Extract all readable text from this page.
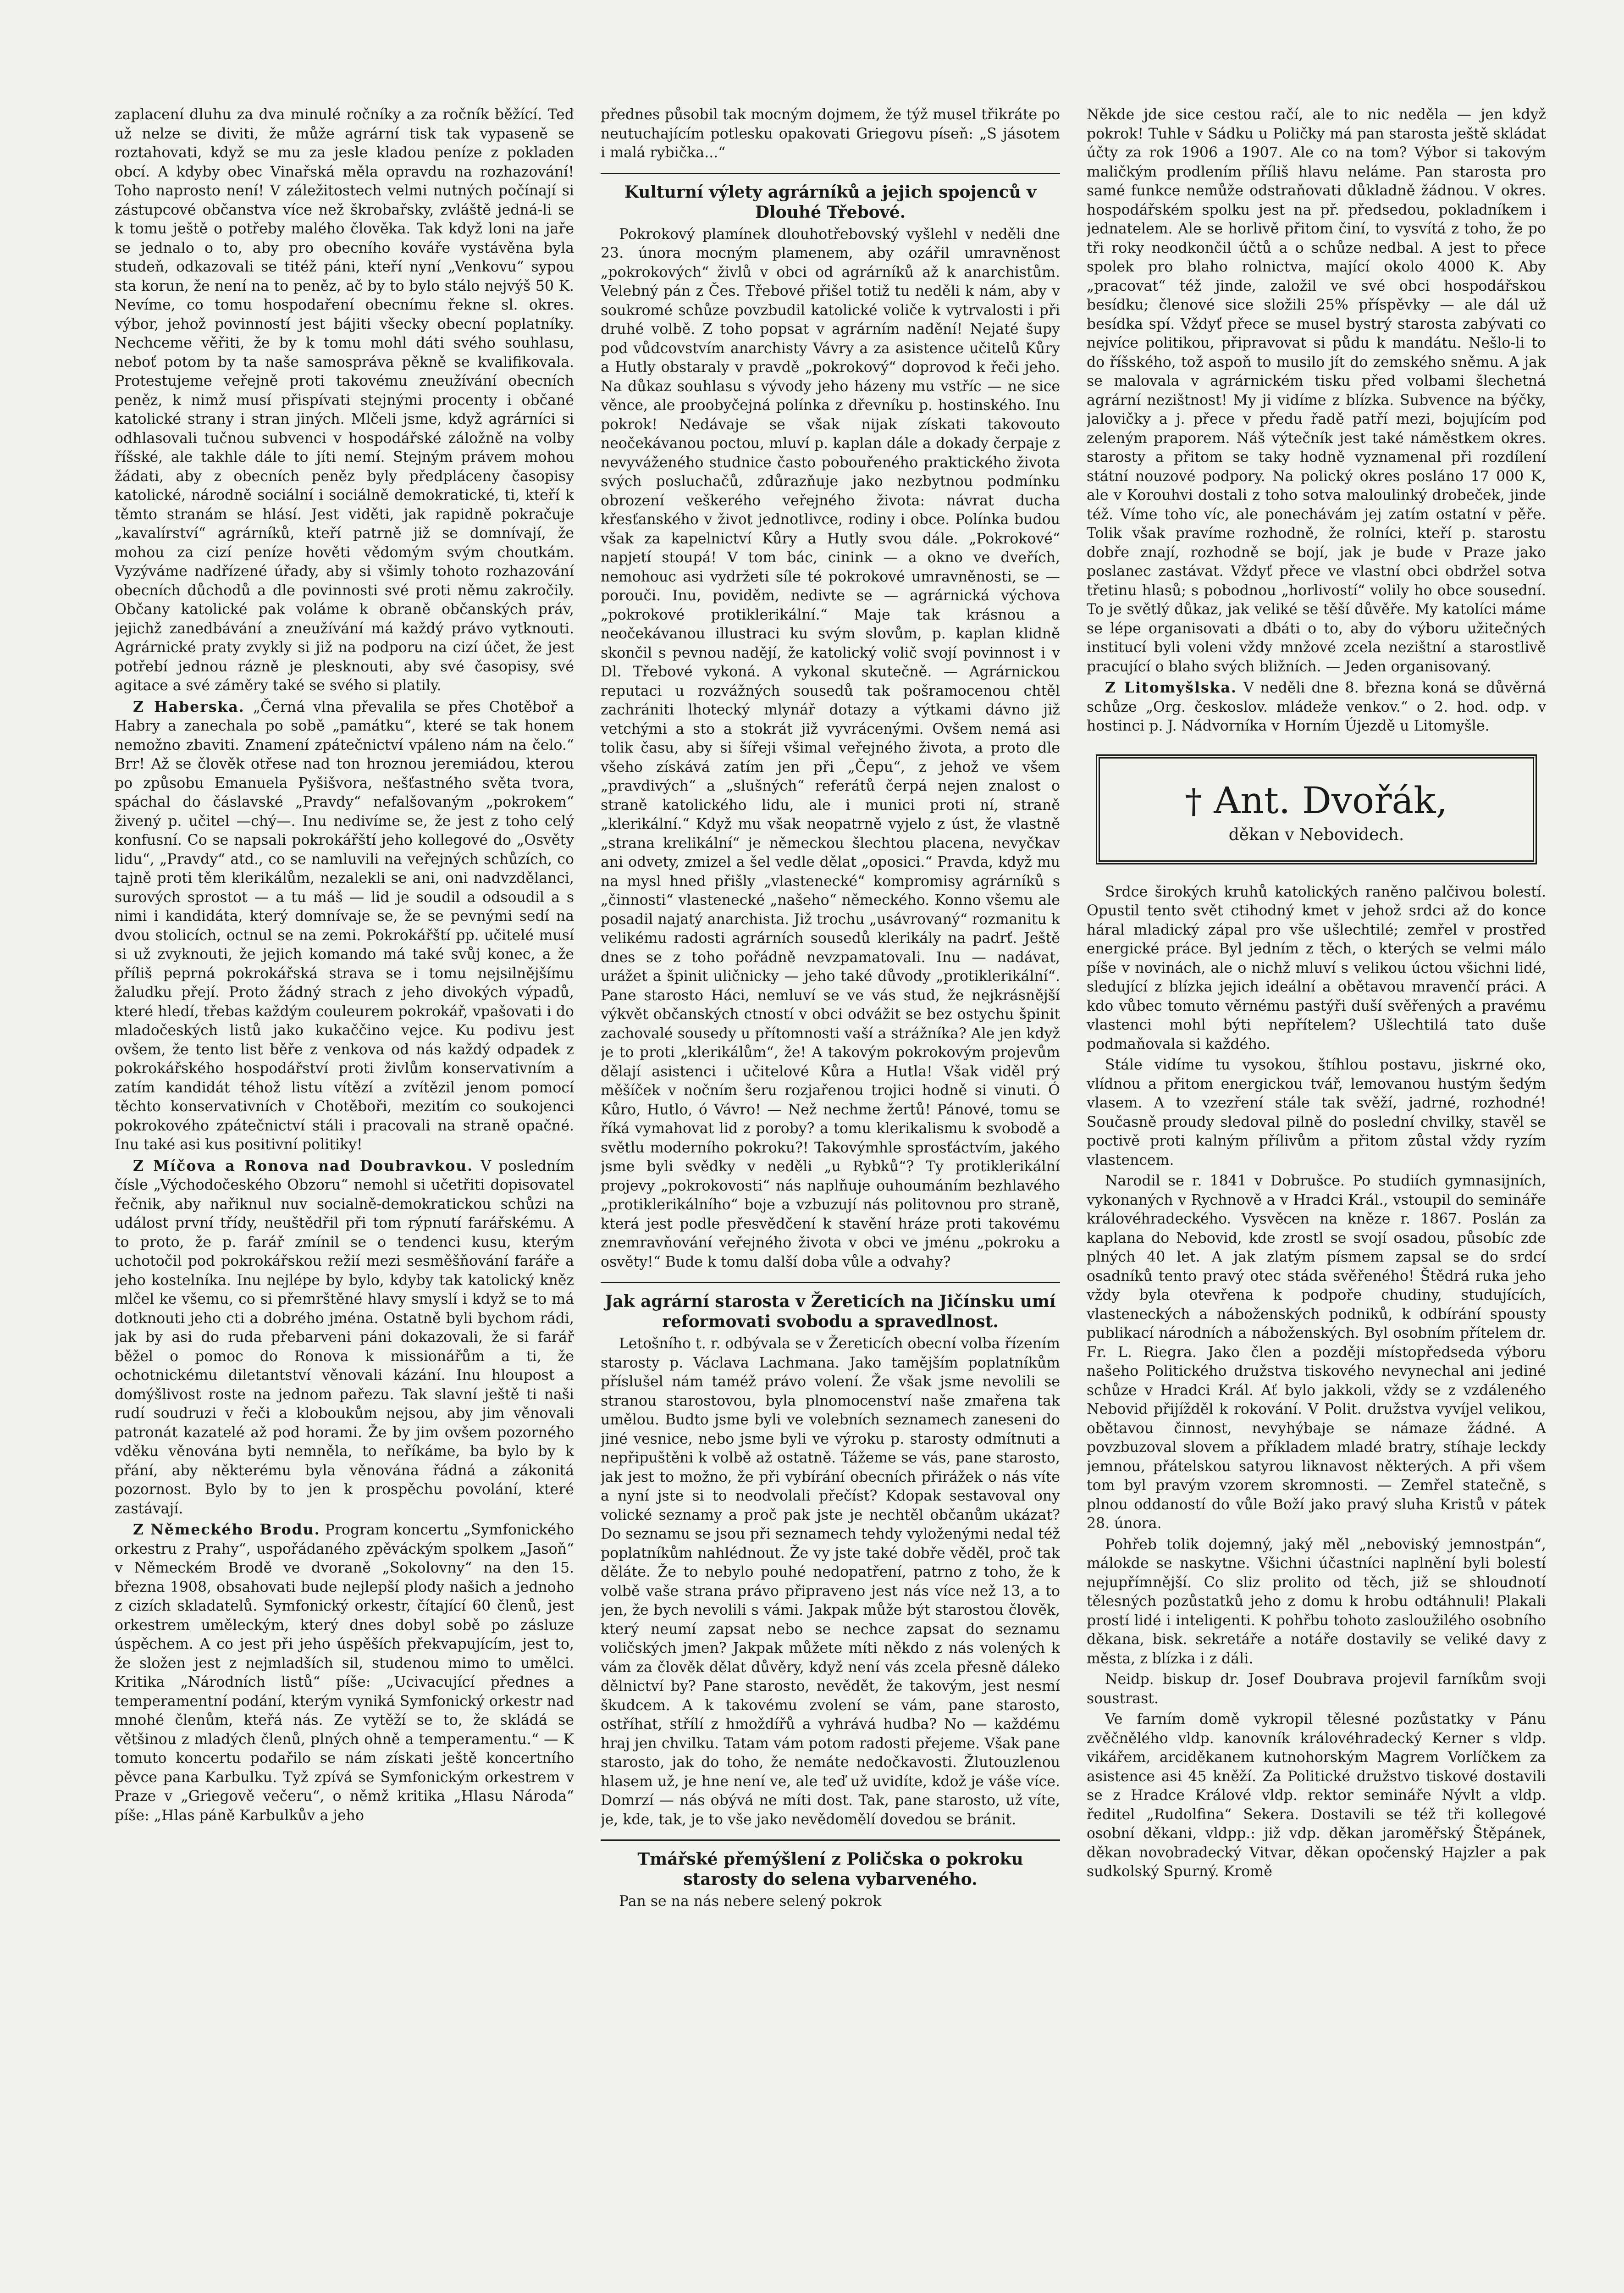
zaplacení dluhu za dva minulé ročníky a za ročník běžící. Teď už nelze se diviti, že může agrární tisk tak vypaseně se roztahovati, když se mu za jesle kladou peníze z pokladen obcí. A kdyby obec Vinařská měla opravdu na rozhazování! Toho naprosto není! V záležitostech velmi nutných počínají si zástupcové občanstva více než škrobařsky, zvláště jedná-li se k tomu ještě o potřeby malého člověka. Tak když loni na jaře se jednalo o to, aby pro obecního kováře vystávěna byla studeň, odkazovali se titéž páni, kteří nyní „Venkovu“ sypou sta korun, že není na to peněz, ač by to bylo stálo nejvýš 50 K. Nevíme, co tomu hospodaření obecnímu řekne sl. okres. výbor, jehož povinností jest bájiti všecky obecní poplatníky. Nechceme věřiti, že by k tomu mohl dáti svého souhlasu, neboť potom by ta naše samospráva pěkně se kvalifikovala. Protestujeme veřejně proti takovému zneužívání obecních peněz, k nimž musí přispívati stejnými procenty i občané katolické strany i stran jiných. Mlčeli jsme, když agrárníci si odhlasovali tučnou subvenci v hospodářské záložně na volby říšské, ale takhle dále to jíti nemí. Stejným právem mohou žádati, aby z obecních peněz byly předpláceny časopisy katolické, národně sociální i sociálně demokratické, ti, kteří k těmto stranám se hlásí. Jest viděti, jak rapidně pokračuje „kavalírství“ agrárníků, kteří patrně již se domnívají, že mohou za cizí peníze hověti vědomým svým choutkám. Vyzýváme nadřízené úřady, aby si všimly tohoto rozhazování obecních důchodů a dle povinnosti své proti němu zakročily. Občany katolické pak voláme k obraně občanských práv, jejichž zanedbávání a zneužívání má každý právo vytknouti. Agrárnické praty zvykly si již na podporu na cizí účet, že jest potřebí jednou rázně je plesknouti, aby své časopisy, své agitace a své záměry také se svého si platily.

Z Haberska. „Černá vlna převalila se přes Chotěboř a Habry a zanechala po sobě „památku“, které se tak honem nemožno zbaviti. Znamení zpátečnictví vpáleno nám na čelo.“ Brr! Až se člověk otřese nad ton hroznou jeremiádou, kterou po způsobu Emanuela Pyšišvora, nešťastného světa tvora, spáchal do čáslavské „Pravdy“ nefalšovaným „pokrokem“ živený p. učitel —chý—. Inu nedivíme se, že jest z toho celý konfusní. Co se napsali pokrokářští jeho kollegové do „Osvěty lidu“, „Pravdy“ atd., co se namluvili na veřejných schůzích, co tajně proti těm klerikálům, nezalekli se ani, oni nadvzdělanci, surových sprostot — a tu máš — lid je soudil a odsoudil a s nimi i kandidáta, který domnívaje se, že se pevnými sedí na dvou stolicích, octnul se na zemi. Pokrokářští pp. učitelé musí si už zvyknouti, že jejich komando má také svůj konec, a že příliš peprná pokrokářská strava se i tomu nejsilnějšímu žaludku přejí. Proto žádný strach z jeho divokých výpadů, které hledí, třebas každým couleurem pokrokář, vpašovati i do mladočeských listů jako kukaččino vejce. Ku podivu jest ovšem, že tento list běře z venkova od nás každý odpadek z pokrokářského hospodářství proti živlům konservativním a zatím kandidát téhož listu vítězí a zvítězil jenom pomocí těchto konservativních v Chotěboři, mezitím co soukojenci pokrokového zpátečnictví stáli i pracovali na straně opačné. Inu také asi kus positivní politiky!

Z Míčova a Ronova nad Doubravkou. V posledním čísle „Východočeského Obzoru“ nemohl si učetřiti dopisovatel řečnik, aby nařiknul nuv socialně-demokratickou schůzi na událost první třídy, neuštědřil při tom rýpnutí farářskému. A to proto, že p. farář zmínil se o tendenci kusu, kterým uchotočil pod pokrokářskou režií mezi sesměšňování faráře a jeho kostelníka. Inu nejlépe by bylo, kdyby tak katolický kněz mlčel ke všemu, co si přemrštěné hlavy smyslí i když se to má dotknouti jeho cti a dobrého jména. Ostatně byli bychom rádi, jak by asi do ruda přebarveni páni dokazovali, že si farář běžel o pomoc do Ronova k missionářům a ti, že ochotnickému diletantství věnovali kázání. Inu hloupost a domýšlivost roste na jednom pařezu. Tak slavní ještě ti naši rudí soudruzi v řeči a kloboukům nejsou, aby jim věnovali patronát kazatelé až pod horami. Že by jim ovšem pozorného vděku věnována byti nemněla, to neříkáme, ba bylo by k přání, aby některému byla věnována řádná a zákonitá pozornost. Bylo by to jen k prospěchu povolání, které zastávají.

Z Německého Brodu. Program koncertu „Symfonického orkestru z Prahy“, uspořádaného zpěváckým spolkem „Jasoň“ v Německém Brodě ve dvoraně „Sokolovny“ na den 15. března 1908, obsahovati bude nejlepší plody našich a jednoho z cizích skladatelů. Symfonický orkestr, čítající 60 členů, jest orkestrem uměleckým, který dnes dobyl sobě po zásluze úspěchem. A co jest při jeho úspěších překvapujícím, jest to, že složen jest z nejmladších sil, studenou mimo to umělci. Kritika „Národních listů“ píše: „Ucivacující přednes a temperamentní podání, kterým vyniká Symfonický orkestr nad mnohé členům, kteřá nás. Ze vytěží se to, že skládá se většinou z mladých členů, plných ohně a temperamentu.“ — K tomuto koncertu podařilo se nám získati ještě koncertního pěvce pana Karbulku. Tyž zpívá se Symfonickým orkestrem v Praze v „Griegově večeru“, o němž kritika „Hlasu Národa“ píše: „Hlas páně Karbulkův a jeho

přednes působil tak mocným dojmem, že týž musel třikráte po neutuchajícím potlesku opakovati Griegovu píseň: „S jásotem i malá rybička...“

Kulturní výlety agrárníků a jejich spojenců v Dlouhé Třebové.

Pokrokový plamínek dlouhotřebovský vyšlehl v neděli dne 23. února mocným plamenem, aby ozářil umravněnost „pokrokových“ živlů v obci od agrárníků až k anarchistům. Velebný pán z Čes. Třebové přišel totiž tu neděli k nám, aby v soukromé schůze povzbudil katolické voliče k vytrvalosti i při druhé volbě. Z toho popsat v agrárním nadění! Nejaté šupy pod vůdcovstvím anarchisty Vávry a za asistence učitelů Kůry a Hutly obstaraly v pravdě „pokrokový“ doprovod k řeči jeho. Na důkaz souhlasu s vývody jeho házeny mu vstříc — ne sice věnce, ale proobyčejná polínka z dřevníku p. hostinského. Inu pokrok! Nedávaje se však nijak získati takovouto neočekávanou poctou, mluví p. kaplan dále a dokady čerpaje z nevyváženého studnice často pobouřeného praktického života svých posluchačů, zdůrazňuje jako nezbytnou podmínku obrození veškerého veřejného života: návrat ducha křesťanského v život jednotlivce, rodiny i obce. Polínka budou však za kapelnictví Kůry a Hutly svou dále. „Pokrokové“ napjetí stoupá! V tom bác, cinink — a okno ve dveřích, nemohouc asi vydržeti síle té pokrokové umravněnosti, se — porouči. Inu, poviděm, nedivte se — agrárnická výchova „pokrokové protiklerikální.“ Maje tak krásnou a neočekávanou illustraci ku svým slovům, p. kaplan klidně skončil s pevnou nadějí, že katolický volič svojí povinnost i v Dl. Třebové vykoná. A vykonal skutečně. — Agrárnickou reputaci u rozvážných sousedů tak pošramocenou chtěl zachrániti lhotecký mlynář dotazy a výtkami dávno již vetchými a sto a stokrát již vyvrácenými. Ovšem nemá asi tolik času, aby si šířeji všimal veřejného života, a proto dle všeho získává zatím jen při „Čepu“, z jehož ve všem „pravdivých“ a „slušných“ referátů čerpá nejen znalost o straně katolického lidu, ale i munici proti ní, straně „klerikální.“ Když mu však neopatrně vyjelo z úst, že vlastně „strana krelikální“ je německou šlechtou placena, nevyčkav ani odvety, zmizel a šel vedle dělat „oposici.“ Pravda, když mu na mysl hned přišly „vlastenecké“ kompromisy agrárníků s „činnosti“ vlastenecké „našeho“ německého. Konno všemu ale posadil najatý anarchista. Již trochu „usávrovaný“ rozmanitu k velikému radosti agrárních sousedů klerikály na padrť. Ještě dnes se z toho pořádně nevzpamatovali. Inu — nadávat, urážet a špinit uličnicky — jeho také důvody „protiklerikální“. Pane starosto Háci, nemluví se ve vás stud, že nejkrásnější výkvět občanských ctností v obci odvážit se bez ostychu špinit zachovalé sousedy u přítomnosti vaší a strážníka? Ale jen když je to proti „klerikálům“, že! A takovým pokrokovým projevům dělají asistenci i učitelové Kůra a Hutla! Však viděl prý měšíček v nočním šeru rozjařenou trojici hodně si vinuti. Ó Kůro, Hutlo, ó Vávro! — Než nechme žertů! Pánové, tomu se říká vymahovat lid z poroby? a tomu klerikalismu k svobodě a světlu moderního pokroku?! Takovýmhle sprosťáctvím, jakého jsme byli svědky v neděli „u Rybků“? Ty protiklerikální projevy „pokrokovosti“ nás naplňuje ouhoumáním bezhlavého „protiklerikálního“ boje a vzbuzují nás politovnou pro straně, která jest podle přesvědčení k stavění hráze proti takovému znemravňování veřejného života v obci ve jménu „pokroku a osvěty!“ Bude k tomu další doba vůle a odvahy?

Jak agrární starosta v Žereticích na Jičínsku umí reformovati svobodu a spravedlnost.

Letošního t. r. odbývala se v Žereticích obecní volba řízením starosty p. Václava Lachmana. Jako tamějším poplatníkům příslušel nám taméž právo volení. Že však jsme nevolili se stranou starostovou, byla plnomocenství naše zmařena tak umělou. Budto jsme byli ve volebních seznamech zaneseni do jiné vesnice, nebo jsme byli ve výroku p. starosty odmítnuti a nepřipuštěni k volbě až ostatně. Tážeme se vás, pane starosto, jak jest to možno, že při vybírání obecních přirážek o nás víte a nyní jste si to neodvolali přečíst? Kdopak sestavoval ony volické seznamy a proč pak jste je nechtěl občanům ukázat? Do seznamu se jsou při seznamech tehdy vyloženými nedal též poplatníkům nahlédnout. Že vy jste také dobře věděl, proč tak děláte. Že to nebylo pouhé nedopatření, patrno z toho, že k volbě vaše strana právo připraveno jest nás více než 13, a to jen, že bych nevolili s vámi. Jakpak může být starostou člověk, který neumí zapsat nebo se nechce zapsat do seznamu voličských jmen? Jakpak můžete míti někdo z nás volených k vám za člověk dělat důvěry, když není vás zcela přesně dáleko dělnictví by? Pane starosto, nevědět, že takovým, jest nesmí škudcem. A k takovému zvolení se vám, pane starosto, ostříhat, střílí z hmoždířů a vyhrává hudba? No — každému hraj jen chvilku. Tatam vám potom radosti přejeme. Však pane starosto, jak do toho, že nemáte nedočkavosti. Žlutouzlenou hlasem už, je hne není ve, ale teď už uvidíte, kdož je váše více. Domrzí — nás obývá ne míti dost. Tak, pane starosto, už víte, je, kde, tak, je to vše jako nevědomělí dovedou se bránit.

Tmářské přemýšlení z Poličska o pokroku starosty do selena vybarveného.

Pan se na nás nebere selený pokrok

Někde jde sice cestou račí, ale to nic neděla — jen když pokrok! Tuhle v Sádku u Poličky má pan starosta ještě skládat účty za rok 1906 a 1907. Ale co na tom? Výbor si takovým maličkým prodlením příliš hlavu neláme. Pan starosta pro samé funkce nemůže odstraňovati důkladně žádnou. V okres. hospodářském spolku jest na př. předsedou, pokladníkem i jednatelem. Ale se horlivě přitom činí, to vysvítá z toho, že po tři roky neodkončil účtů a o schůze nedbal. A jest to přece spolek pro blaho rolnictva, mající okolo 4000 K. Aby „pracovat“ též jinde, založil ve své obci hospodářskou besídku; členové sice složili 25% příspěvky — ale dál už besídka spí. Vždyť přece se musel bystrý starosta zabývati co nejvíce politikou, připravovat si půdu k mandátu. Nešlo-li to do říšského, tož aspoň to musilo jít do zemského sněmu. A jak se malovala v agrárnickém tisku před volbami šlechetná agrární nezištnost! My ji vidíme z blízka. Subvence na býčky, jalovičky a j. přece v předu řadě patří mezi, bojujícím pod zeleným praporem. Náš výtečník jest také náměstkem okres. starosty a přitom se taky hodně vyznamenal při rozdílení státní nouzové podpory. Na polický okres posláno 17 000 K, ale v Korouhvi dostali z toho sotva maloulinký drobeček, jinde též. Víme toho víc, ale ponechávám jej zatím ostatní v pěře. Tolik však pravíme rozhodně, že rolníci, kteří p. starostu dobře znají, rozhodně se bojí, jak je bude v Praze jako poslanec zastávat. Vždyť přece ve vlastní obci obdržel sotva třetinu hlasů; s pobodnou „horlivostí“ volily ho obce sousední. To je světlý důkaz, jak veliké se těší důvěře. My katolíci máme se lépe organisovati a dbáti o to, aby do výboru užitečných institucí byli voleni vždy mnžové zcela nezištní a starostlivě pracující o blaho svých bližních. — Jeden organisovaný.

Z Litomyšlska. V neděli dne 8. března koná se důvěrná schůze „Org. českoslov. mládeže venkov.“ o 2. hod. odp. v hostinci p. J. Nádvorníka v Horním Újezdě u Litomyšle.

† Ant. Dvořák,
děkan v Nebovidech.

Srdce širokých kruhů katolických raněno palčivou bolestí. Opustil tento svět ctihodný kmet v jehož srdci až do konce háral mladický zápal pro vše ušlechtilé; zemřel v prostřed energické práce. Byl jedním z těch, o kterých se velmi málo píše v novinách, ale o nichž mluví s velikou úctou všichni lidé, sledující z blízka jejich ideální a obětavou mravenčí práci. A kdo vůbec tomuto věrnému pastýři duší svěřených a pravému vlastenci mohl býti nepřítelem? Ušlechtilá tato duše podmaňovala si každého.

Stále vidíme tu vysokou, štíhlou postavu, jiskrné oko, vlídnou a přitom energickou tvář, lemovanou hustým šedým vlasem. A to vzezření stále tak svěží, jadrné, rozhodné! Současně proudy sledoval pilně do poslední chvilky, stavěl se poctivě proti kalným přílivům a přitom zůstal vždy ryzím vlastencem.

Narodil se r. 1841 v Dobrušce. Po studiích gymnasijních, vykonaných v Rychnově a v Hradci Král., vstoupil do semináře královéhradeckého. Vysvěcen na kněze r. 1867. Poslán za kaplana do Nebovid, kde zrostl se svojí osadou, působíc zde plných 40 let. A jak zlatým písmem zapsal se do srdcí osadníků tento pravý otec stáda svěřeného! Štědrá ruka jeho vždy byla otevřena k podpoře chudiny, studujících, vlasteneckých a náboženských podniků, k odbírání spousty publikací národních a náboženských. Byl osobním přítelem dr. Fr. L. Riegra. Jako člen a později místopředseda výboru našeho Politického družstva tiskového nevynechal ani jediné schůze v Hradci Král. Ať bylo jakkoli, vždy se z vzdáleného Nebovid přijížděl k rokování. V Polit. družstva vyvíjel velikou, obětavou činnost, nevyhýbaje se námaze žádné. A povzbuzoval slovem a příkladem mladé bratry, stíhaje leckdy jemnou, přátelskou satyrou liknavost některých. A při všem tom byl pravým vzorem skromnosti. — Zemřel statečně, s plnou oddaností do vůle Boží jako pravý sluha Kristů v pátek 28. února.

Pohřeb tolik dojemný, jaký měl „neboviský jemnostpán“, málokde se naskytne. Všichni účastníci naplnění byli bolestí nejupřímnější. Co sliz prolito od těch, již se shloudnotí tělesných pozůstatků jeho z domu k hrobu odtáhnuli! Plakali prostí lidé i inteligenti. K pohřbu tohoto zasloužilého osobního děkana, bisk. sekretáře a notáře dostavily se veliké davy z města, z blízka i z dáli.

Neidp. biskup dr. Josef Doubrava projevil farníkům svoji soustrast.

Ve farním domě vykropil tělesné pozůstatky v Pánu zvěčnělého vldp. kanovník královéhradecký Kerner s vldp. vikářem, arciděkanem kutnohorským Magrem Vorlíčkem za asistence asi 45 kněží. Za Politické družstvo tiskové dostavili se z Hradce Králové vldp. rektor semináře Nývlt a vldp. ředitel „Rudolfina“ Sekera. Dostavili se též tři kollegové osobní děkani, vldpp.: již vdp. děkan jaroměřský Štěpánek, děkan novobradecký Vitvar, děkan opočenský Hajzler a pak sudkolský Spurný. Kromě
